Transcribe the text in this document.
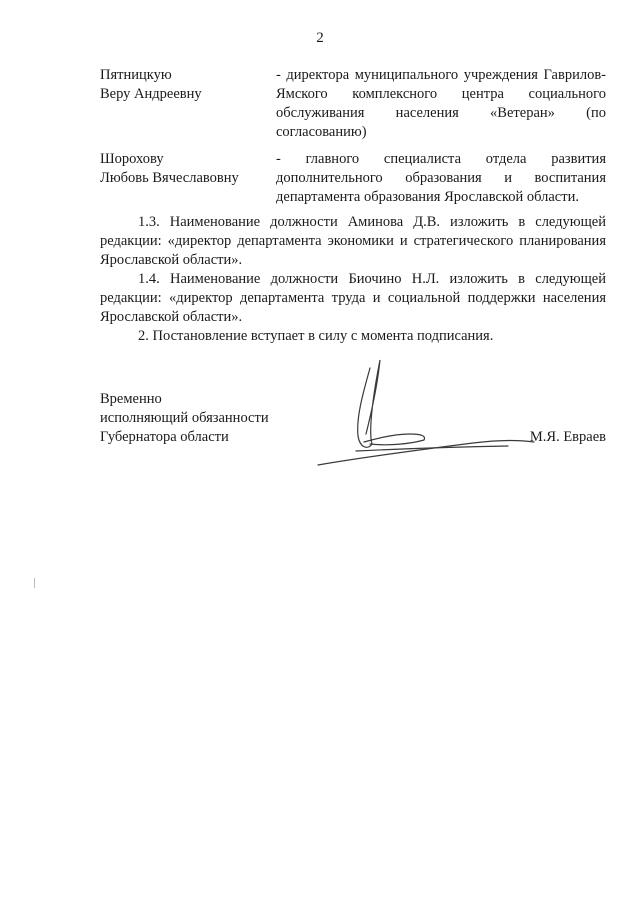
2
Пятницкую
Веру Андреевну
- директора муниципального учреждения Гаврилов-Ямского комплексного центра социального обслуживания населения «Ветеран» (по согласованию)
Шорохову
Любовь Вячеславовну
- главного специалиста отдела развития дополнительного образования и воспитания департамента образования Ярославской области.

1.3. Наименование должности Аминова Д.В. изложить в следующей редакции: «директор департамента экономики и стратегического планирования Ярославской области».

1.4. Наименование должности Биочино Н.Л. изложить в следующей редакции: «директор департамента труда и социальной поддержки населения Ярославской области».

2. Постановление вступает в силу с момента подписания.

Временно
исполняющий обязанности
Губернатора области	М.Я. Евраев
